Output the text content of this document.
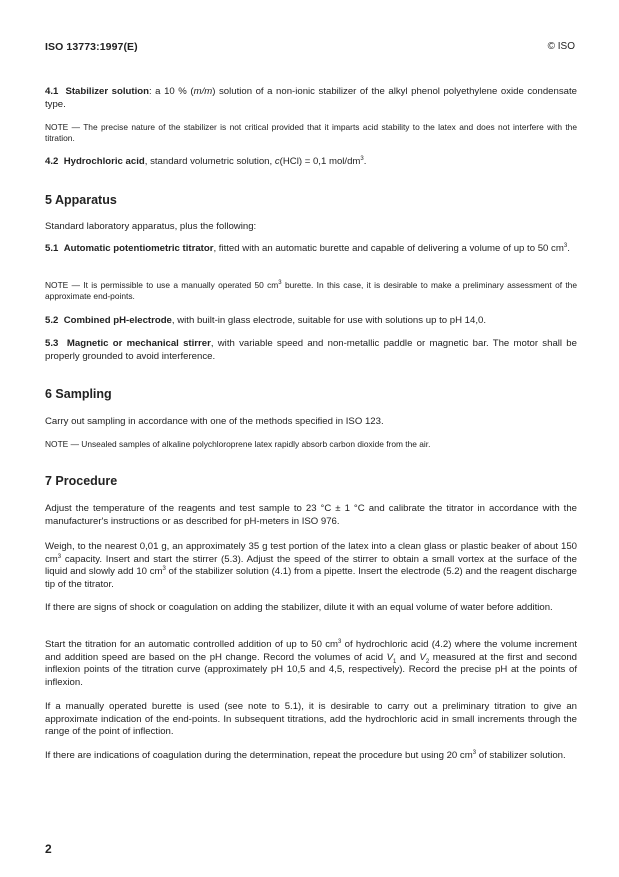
ISO 13773:1997(E)	© ISO

4.1 Stabilizer solution: a 10 % (m/m) solution of a non-ionic stabilizer of the alkyl phenol polyethylene oxide condensate type.

NOTE — The precise nature of the stabilizer is not critical provided that it imparts acid stability to the latex and does not interfere with the titration.

4.2 Hydrochloric acid, standard volumetric solution, c(HCl) = 0,1 mol/$dm^3$.

5 Apparatus

Standard laboratory apparatus, plus the following:

5.1 Automatic potentiometric titrator, fitted with an automatic burette and capable of delivering a volume of up to 50 $cm^3$.

NOTE — It is permissible to use a manually operated 50 $cm^3$ burette. In this case, it is desirable to make a preliminary assessment of the approximate end-points.

5.2 Combined pH-electrode, with built-in glass electrode, suitable for use with solutions up to pH 14,0.

5.3 Magnetic or mechanical stirrer, with variable speed and non-metallic paddle or magnetic bar. The motor shall be properly grounded to avoid interference.

6 Sampling

Carry out sampling in accordance with one of the methods specified in ISO 123.

NOTE — Unsealed samples of alkaline polychloroprene latex rapidly absorb carbon dioxide from the air.

7 Procedure

Adjust the temperature of the reagents and test sample to 23 °C ± 1 °C and calibrate the titrator in accordance with the manufacturer's instructions or as described for pH-meters in ISO 976.

Weigh, to the nearest 0,01 g, an approximately 35 g test portion of the latex into a clean glass or plastic beaker of about 150 $cm^3$ capacity. Insert and start the stirrer (5.3). Adjust the speed of the stirrer to obtain a small vortex at the surface of the liquid and slowly add 10 $cm^3$ of the stabilizer solution (4.1) from a pipette. Insert the electrode (5.2) and the reagent discharge tip of the titrator.

If there are signs of shock or coagulation on adding the stabilizer, dilute it with an equal volume of water before addition.

Start the titration for an automatic controlled addition of up to 50 $cm^3$ of hydrochloric acid (4.2) where the volume increment and addition speed are based on the pH change. Record the volumes of acid $V_1$ and $V_2$ measured at the first and second inflexion points of the titration curve (approximately pH 10,5 and 4,5, respectively). Record the precise pH at the points of inflexion.

If a manually operated burette is used (see note to 5.1), it is desirable to carry out a preliminary titration to give an approximate indication of the end-points. In subsequent titrations, add the hydrochloric acid in small increments through the range of the point of inflection.

If there are indications of coagulation during the determination, repeat the procedure but using 20 $cm^3$ of stabilizer solution.

2
